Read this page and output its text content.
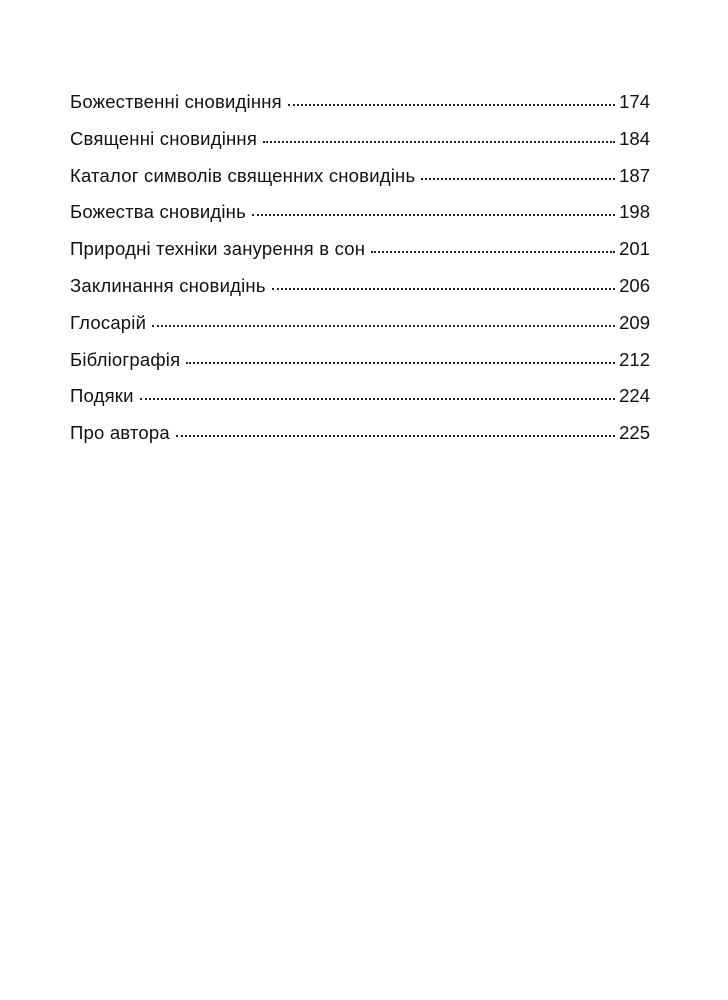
Божественні сновидіння	174
Священні сновидіння	184
Каталог символів священних сновидінь	187
Божества сновидінь	198
Природні техніки занурення в сон	201
Заклинання сновидінь	206
Глосарій	209
Бібліографія	212
Подяки	224
Про автора	225
